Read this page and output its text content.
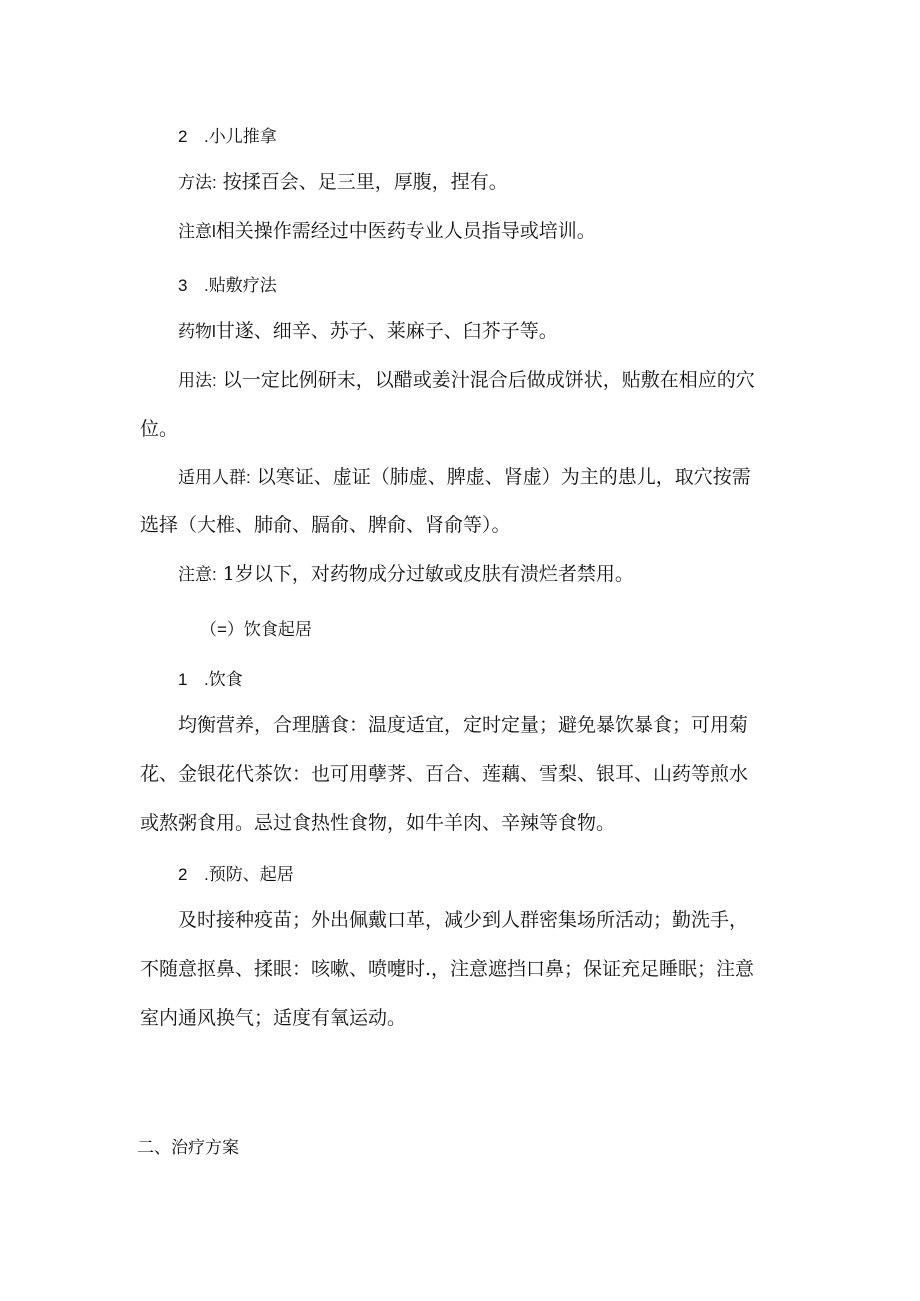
2 .小儿推拿
方法: 按揉百会、足三里，厚腹，捏有。
注意l相关操作需经过中医药专业人员指导或培训。
3 .贴敷疗法
药物l甘遂、细辛、苏子、莱麻子、臼芥子等。
用法: 以一定比例研末，以醋或姜汁混合后做成饼状，贴敷在相应的穴
位。
适用人群: 以寒证、虚证（肺虚、脾虚、肾虚）为主的患儿，取穴按需
选择（大椎、肺俞、膈俞、脾俞、肾俞等）。
注意: 1岁以下，对药物成分过敏或皮肤有溃烂者禁用。
（=）饮食起居
1 .饮食
均衡营养，合理膳食：温度适宜，定时定量；避免暴饮暴食；可用菊
花、金银花代茶饮：也可用孽荠、百合、莲藕、雪梨、银耳、山药等煎水
或熬粥食用。忌过食热性食物，如牛羊肉、辛辣等食物。
2 .预防、起居
及时接种疫苗；外出佩戴口革，减少到人群密集场所活动；勤洗手，
不随意抠鼻、揉眼：咳嗽、喷嚏时.，注意遮挡口鼻；保证充足睡眠；注意
室内通风换气；适度有氧运动。
二、治疗方案
